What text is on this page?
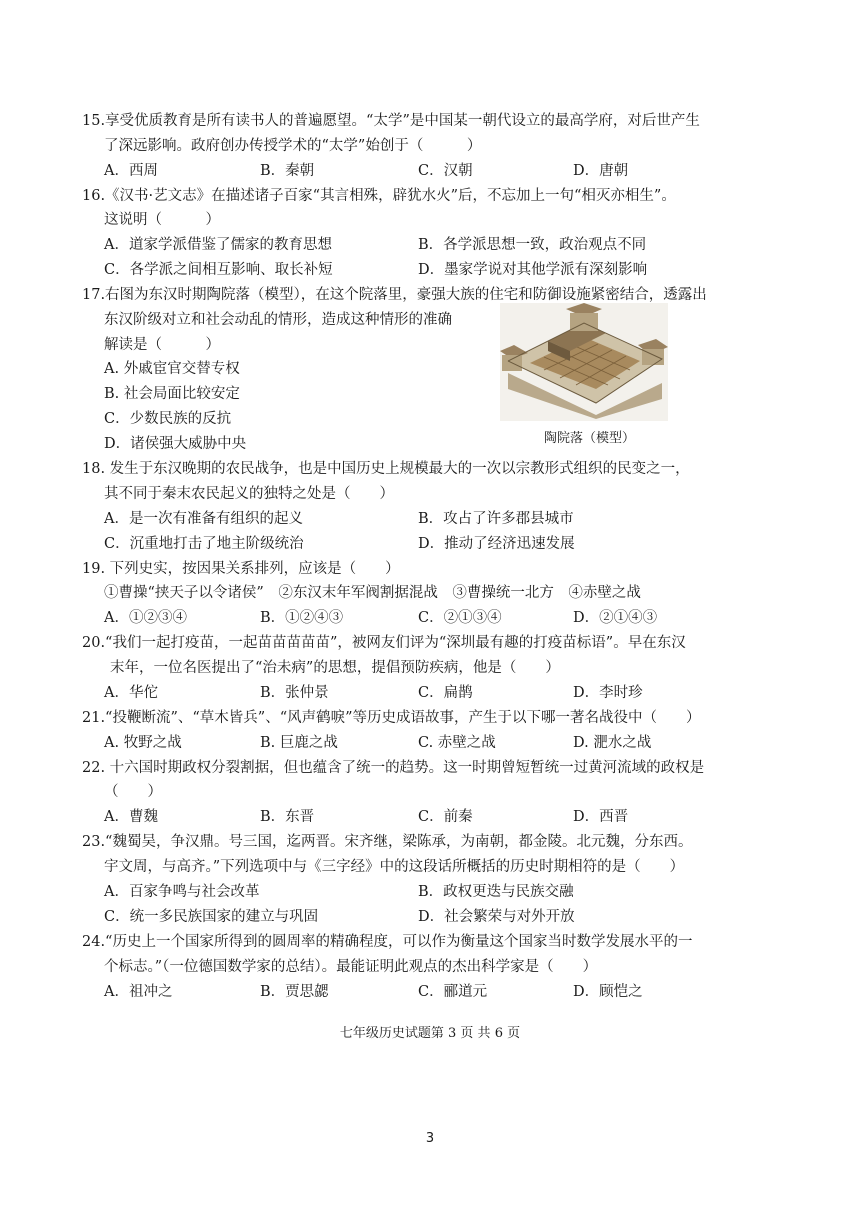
15.享受优质教育是所有读书人的普遍愿望。“太学”是中国某一朝代设立的最高学府，对后世产生
了深远影响。政府创办传授学术的“太学”始创于（　　　）
A．西周	B．秦朝	C．汉朝	D．唐朝
16.《汉书·艺文志》在描述诸子百家“其言相殊，辟犹水火”后，不忘加上一句“相灭亦相生”。
这说明（　　　）
A．道家学派借鉴了儒家的教育思想	B．各学派思想一致，政治观点不同
C．各学派之间相互影响、取长补短	D．墨家学说对其他学派有深刻影响
17.右图为东汉时期陶院落（模型），在这个院落里，豪强大族的住宅和防御设施紧密结合，透露出
东汉阶级对立和社会动乱的情形，造成这种情形的准确
解读是（　　　）
A. 外戚宦官交替专权
B. 社会局面比较安定
C．少数民族的反抗
D．诸侯强大威胁中央	陶院落（模型）
18. 发生于东汉晚期的农民战争，也是中国历史上规模最大的一次以宗教形式组织的民变之一，
其不同于秦末农民起义的独特之处是（　　）
A．是一次有准备有组织的起义	B．攻占了许多郡县城市
C．沉重地打击了地主阶级统治	D．推动了经济迅速发展
19. 下列史实，按因果关系排列，应该是（　　）
①曹操“挟天子以令诸侯”　②东汉末年军阀割据混战　③曹操统一北方　④赤壁之战
A．①②③④	B．①②④③	C．②①③④	D．②①④③
20.“我们一起打疫苗，一起苗苗苗苗苗”，被网友们评为“深圳最有趣的打疫苗标语”。早在东汉
末年，一位名医提出了“治未病”的思想，提倡预防疾病，他是（　　）
A．华佗	B．张仲景	C．扁鹊	D．李时珍
21.“投鞭断流”、“草木皆兵”、“风声鹤唳”等历史成语故事，产生于以下哪一著名战役中（　　）
A. 牧野之战	B. 巨鹿之战	C. 赤壁之战	D. 淝水之战
22. 十六国时期政权分裂割据，但也蕴含了统一的趋势。这一时期曾短暂统一过黄河流域的政权是
（　　）
A．曹魏	B．东晋	C．前秦	D．西晋
23.“魏蜀吴，争汉鼎。号三国，迄两晋。宋齐继，梁陈承，为南朝，都金陵。北元魏，分东西。
宇文周，与高齐。”下列选项中与《三字经》中的这段话所概括的历史时期相符的是（　　）
A．百家争鸣与社会改革	B．政权更迭与民族交融
C．统一多民族国家的建立与巩固	D．社会繁荣与对外开放
24.“历史上一个国家所得到的圆周率的精确程度，可以作为衡量这个国家当时数学发展水平的一
个标志。”（一位德国数学家的总结）。最能证明此观点的杰出科学家是（　　）
A．祖冲之	B．贾思勰	C．郦道元	D．顾恺之
七年级历史试题第 3 页 共 6 页
3
